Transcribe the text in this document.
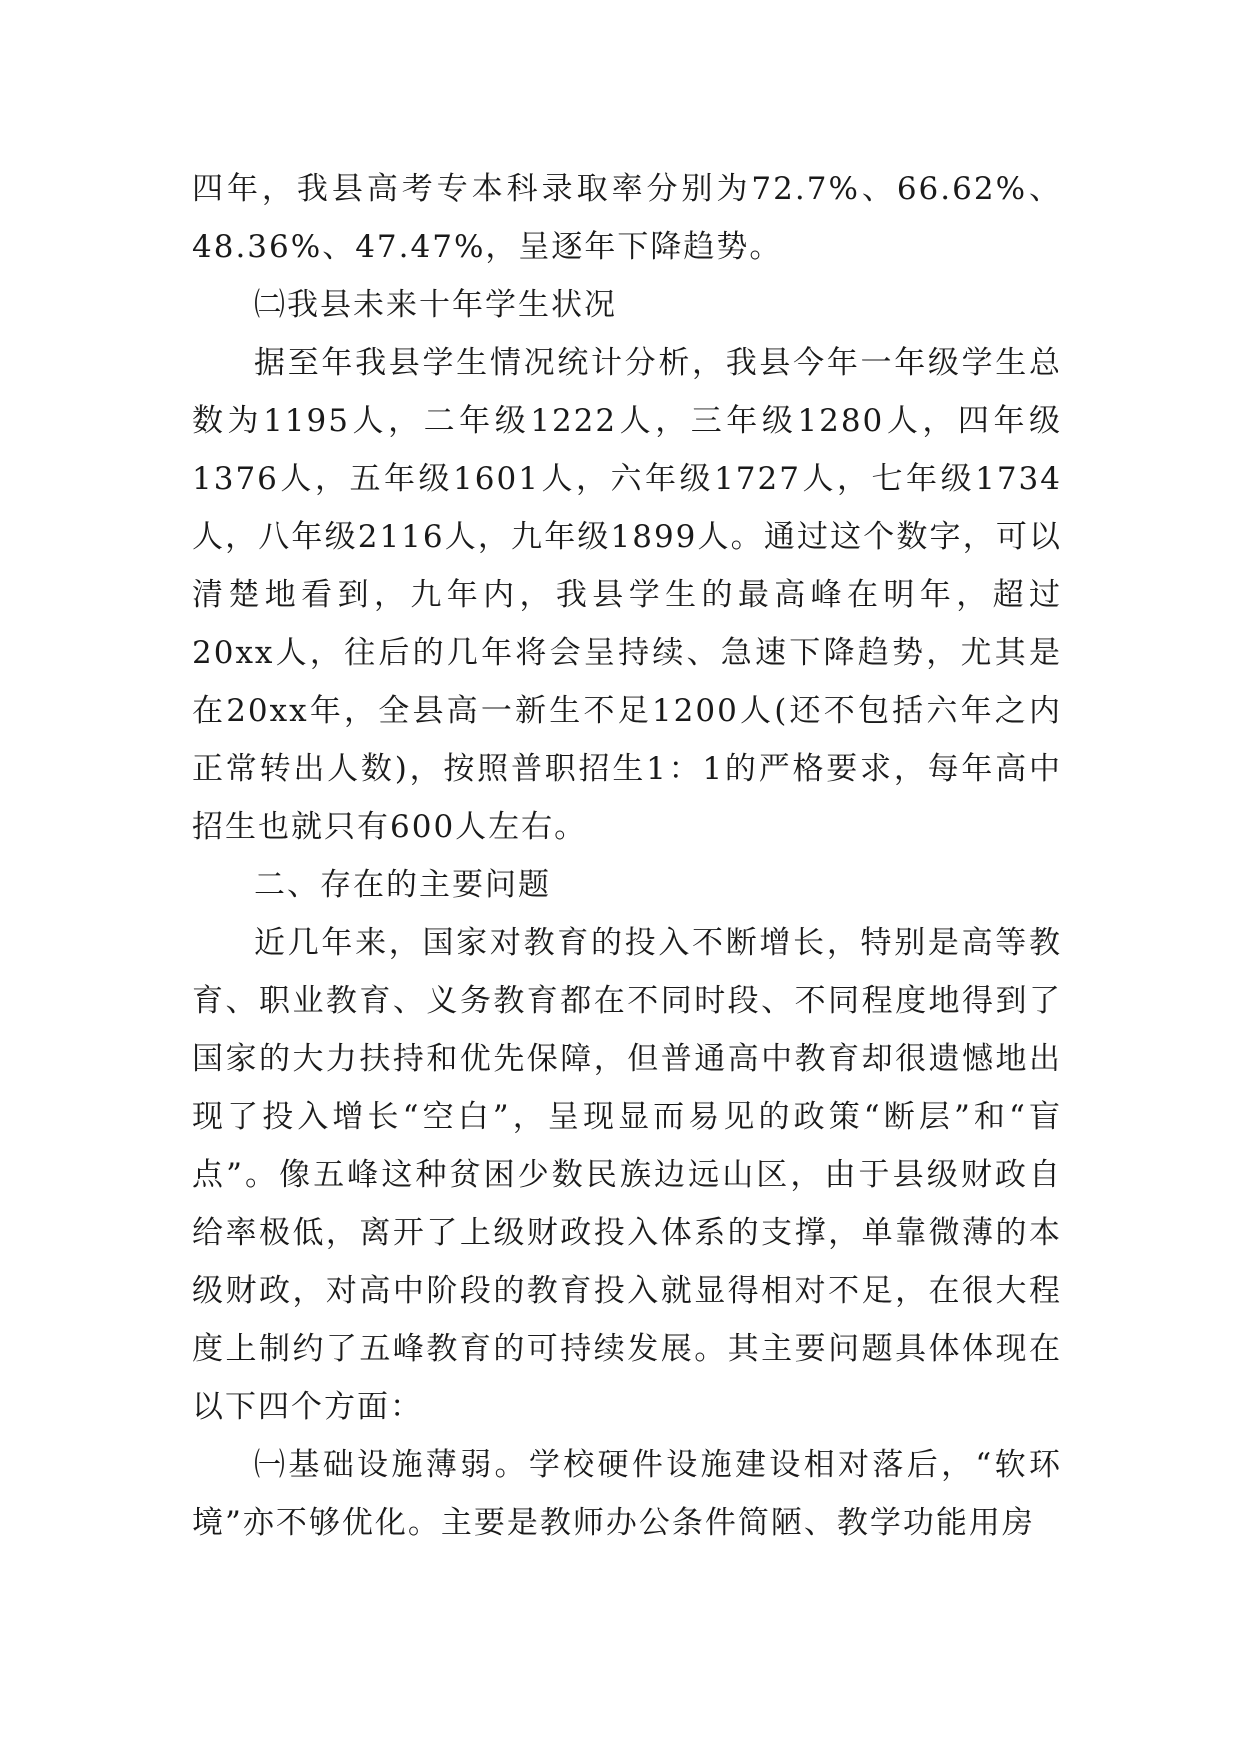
四年，我县高考专本科录取率分别为72.7%、66.62%、48.36%、47.47%，呈逐年下降趋势。

㈡我县未来十年学生状况

据至年我县学生情况统计分析，我县今年一年级学生总数为1195人，二年级1222人，三年级1280人，四年级1376人，五年级1601人，六年级1727人，七年级1734人，八年级2116人，九年级1899人。通过这个数字，可以清楚地看到，九年内，我县学生的最高峰在明年，超过20xx人，往后的几年将会呈持续、急速下降趋势，尤其是在20xx年，全县高一新生不足1200人(还不包括六年之内正常转出人数)，按照普职招生1：1的严格要求，每年高中招生也就只有600人左右。

二、存在的主要问题

近几年来，国家对教育的投入不断增长，特别是高等教育、职业教育、义务教育都在不同时段、不同程度地得到了国家的大力扶持和优先保障，但普通高中教育却很遗憾地出现了投入增长“空白”，呈现显而易见的政策“断层”和“盲点”。像五峰这种贫困少数民族边远山区，由于县级财政自给率极低，离开了上级财政投入体系的支撑，单靠微薄的本级财政，对高中阶段的教育投入就显得相对不足，在很大程度上制约了五峰教育的可持续发展。其主要问题具体体现在以下四个方面：

㈠基础设施薄弱。学校硬件设施建设相对落后，“软环境”亦不够优化。主要是教师办公条件简陋、教学功能用房
